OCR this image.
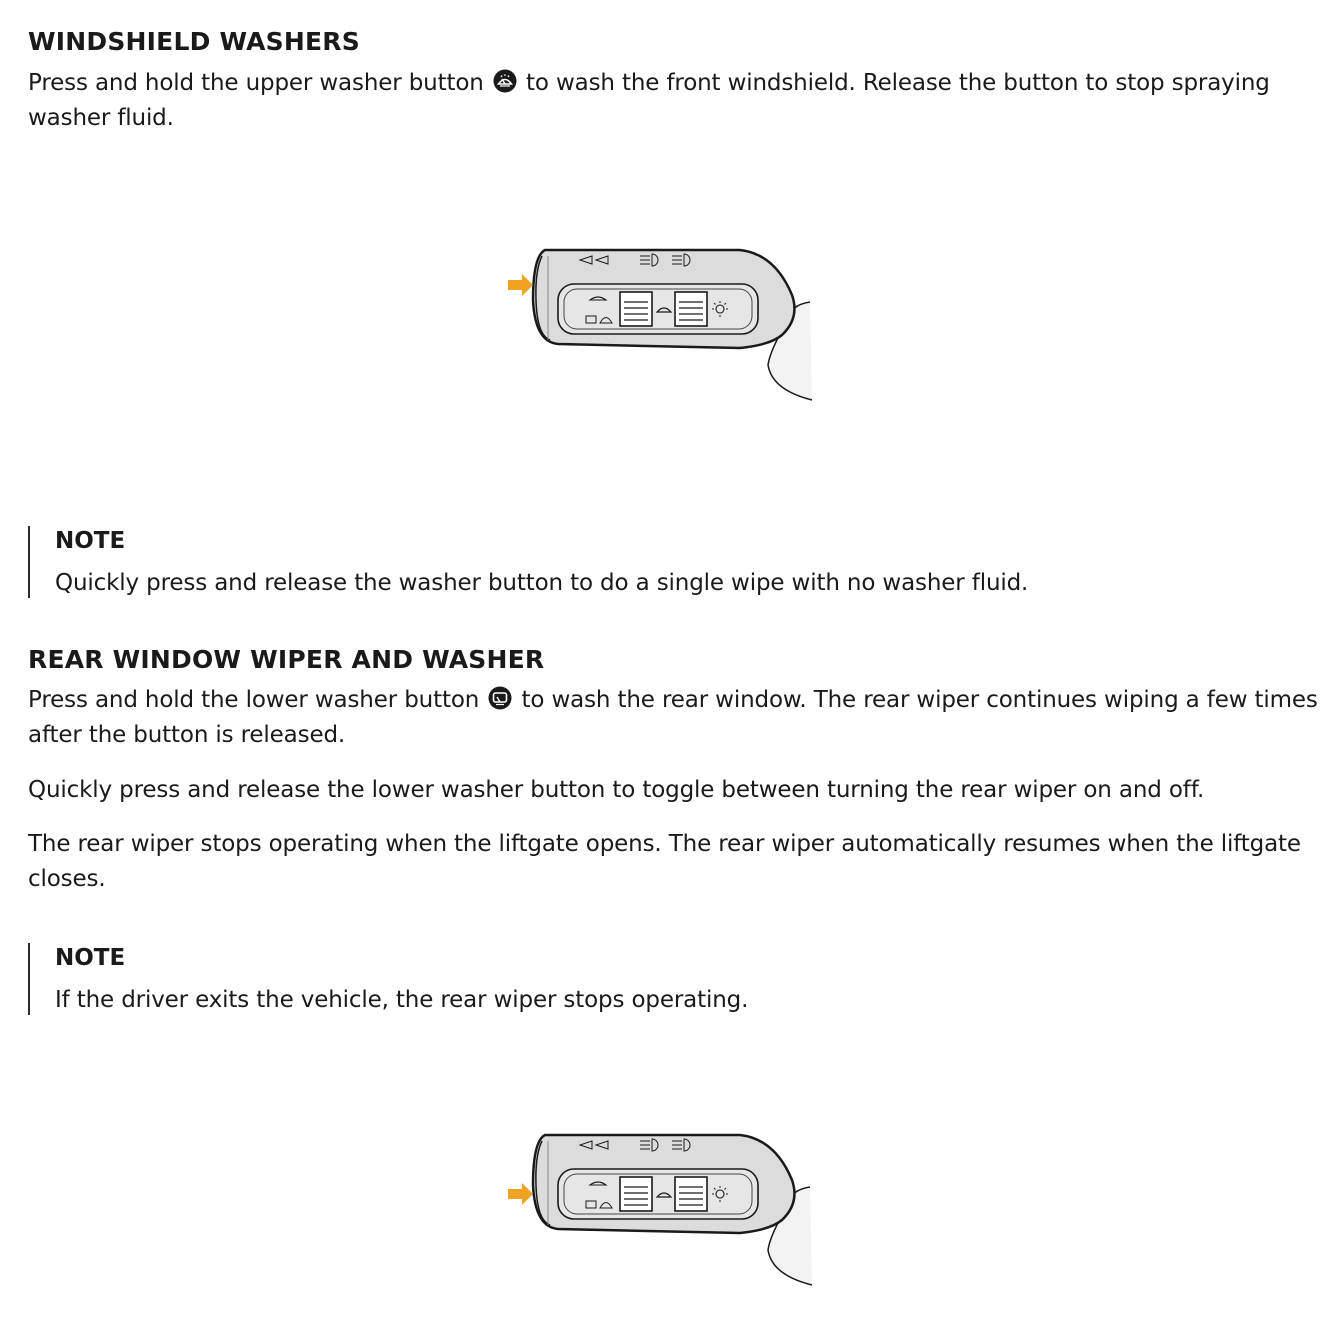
WINDSHIELD WASHERS

Press and hold the upper washer button to wash the front windshield. Release the button to stop spraying washer fluid.

NOTE

Quickly press and release the washer button to do a single wipe with no washer fluid.

REAR WINDOW WIPER AND WASHER

Press and hold the lower washer button to wash the rear window. The rear wiper continues wiping a few times after the button is released.

Quickly press and release the lower washer button to toggle between turning the rear wiper on and off.

The rear wiper stops operating when the liftgate opens. The rear wiper automatically resumes when the liftgate closes.

NOTE

If the driver exits the vehicle, the rear wiper stops operating.
